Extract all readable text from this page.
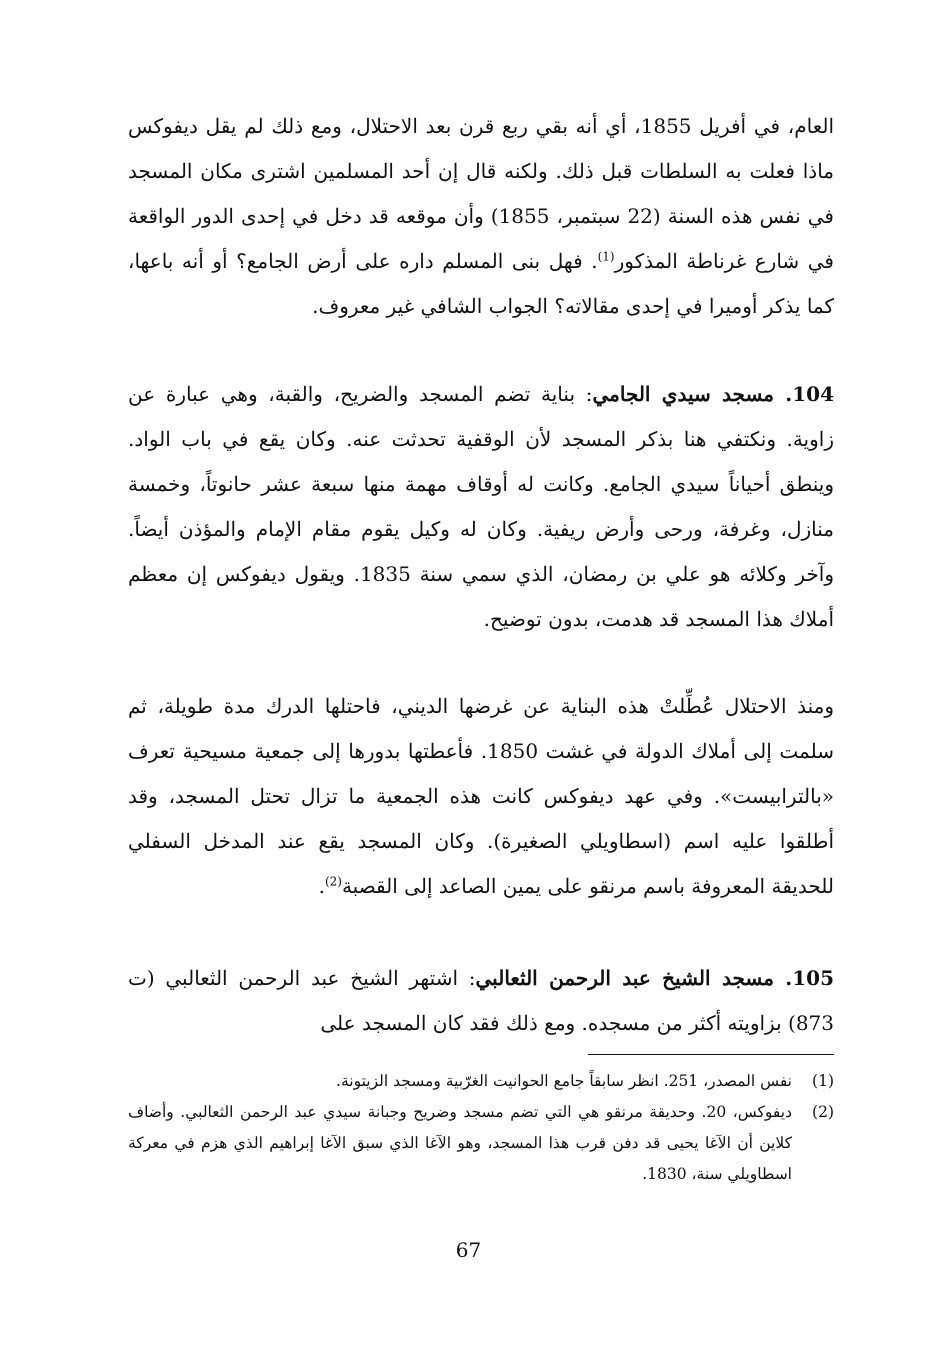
العام، في أفريل 1855، أي أنه بقي ربع قرن بعد الاحتلال، ومع ذلك لم يقل ديفوكس ماذا فعلت به السلطات قبل ذلك. ولكنه قال إن أحد المسلمين اشترى مكان المسجد في نفس هذه السنة (22 سبتمبر، 1855) وأن موقعه قد دخل في إحدى الدور الواقعة في شارع غرناطة المذكور$^{(1)}$. فهل بنى المسلم داره على أرض الجامع؟ أو أنه باعها، كما يذكر أوميرا في إحدى مقالاته؟ الجواب الشافي غير معروف.

104. مسجد سيدي الجامي: بناية تضم المسجد والضريح، والقبة، وهي عبارة عن زاوية. ونكتفي هنا بذكر المسجد لأن الوقفية تحدثت عنه. وكان يقع في باب الواد. وينطق أحياناً سيدي الجامع. وكانت له أوقاف مهمة منها سبعة عشر حانوتاً، وخمسة منازل، وغرفة، ورحى وأرض ريفية. وكان له وكيل يقوم مقام الإمام والمؤذن أيضاً. وآخر وكلائه هو علي بن رمضان، الذي سمي سنة 1835. ويقول ديفوكس إن معظم أملاك هذا المسجد قد هدمت، بدون توضيح.

ومنذ الاحتلال عُطِّلتْ هذه البناية عن غرضها الديني، فاحتلها الدرك مدة طويلة، ثم سلمت إلى أملاك الدولة في غشت 1850. فأعطتها بدورها إلى جمعية مسيحية تعرف «بالترابيست». وفي عهد ديفوكس كانت هذه الجمعية ما تزال تحتل المسجد، وقد أطلقوا عليه اسم (اسطاويلي الصغيرة). وكان المسجد يقع عند المدخل السفلي للحديقة المعروفة باسم مرنقو على يمين الصاعد إلى القصبة$^{(2)}$.

105. مسجد الشيخ عبد الرحمن الثعالبي: اشتهر الشيخ عبد الرحمن الثعالبي (ت 873) بزاويته أكثر من مسجده. ومع ذلك فقد كان المسجد على

(1)
نفس المصدر، 251. انظر سابقاً جامع الحوانيت الغرّبية ومسجد الزيتونة.
(2)
ديفوكس، 20. وحديقة مرنقو هي التي تضم مسجد وضريح وجبانة سيدي عبد الرحمن الثعالبي. وأضاف كلاين أن الآغا يحيى قد دفن قرب هذا المسجد، وهو الآغا الذي سبق الآغا إبراهيم الذي هزم في معركة اسطاويلي سنة، 1830.
67
